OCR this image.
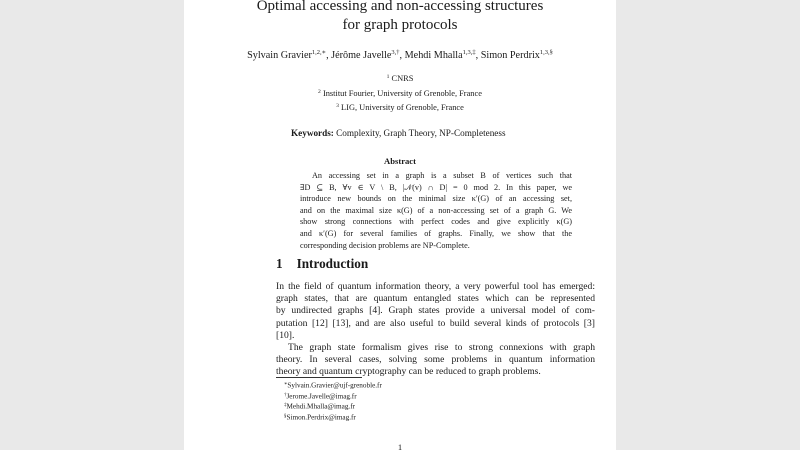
Optimal accessing and non-accessing structures
for graph protocols
Sylvain Gravier$^{1,2,∗}$, Jérôme Javelle$^{3,\dagger}$, Mehdi Mhalla$^{1,3,\ddagger}$, Simon Perdrix$^{1,3,\S}$
$^1$ CNRS
$^2$ Institut Fourier, University of Grenoble, France
$^3$ LIG, University of Grenoble, France
Keywords: Complexity, Graph Theory, NP-Completeness
Abstract
An accessing set in a graph is a subset B of vertices such that
∃D ⊆ B, ∀v ∈ V \ B, |𝒩(v) ∩ D| = 0 mod 2. In this paper, we
introduce new bounds on the minimal size κ′(G) of an accessing set,
and on the maximal size κ(G) of a non-accessing set of a graph G. We
show strong connections with perfect codes and give explicitly κ(G)
and κ′(G) for several families of graphs. Finally, we show that the
corresponding decision problems are NP-Complete.
1 Introduction
In the field of quantum information theory, a very powerful tool has emerged:
graph states, that are quantum entangled states which can be represented
by undirected graphs [4]. Graph states provide a universal model of com-
putation [12] [13], and are also useful to build several kinds of protocols [3]
[10].
The graph state formalism gives rise to strong connexions with graph
theory. In several cases, solving some problems in quantum information
theory and quantum cryptography can be reduced to graph problems.
∗Sylvain.Gravier@ujf-grenoble.fr
†Jerome.Javelle@imag.fr
‡Mehdi.Mhalla@imag.fr
§Simon.Perdrix@imag.fr
1
